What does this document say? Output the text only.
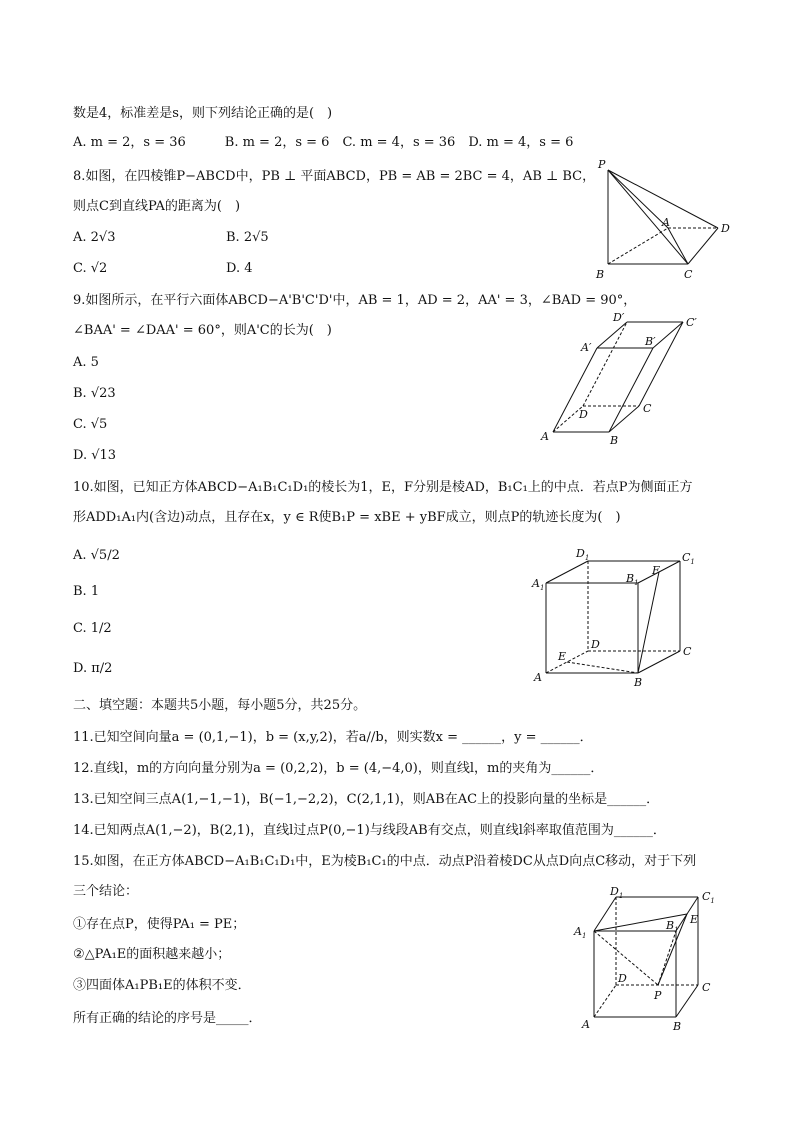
数是4，标准差是s，则下列结论正确的是(　)
A. m = 2，s = 36　　　B. m = 2，s = 6　C. m = 4，s = 36　D. m = 4，s = 6
8.如图，在四棱锥P−ABCD中，PB ⊥ 平面ABCD，PB = AB = 2BC = 4，AB ⊥ BC，
则点C到直线PA的距离为(　)
A. 2√3	B. 2√5
C. √2	D. 4
9.如图所示，在平行六面体ABCD−A'B'C'D'中，AB = 1，AD = 2，AA' = 3，∠BAD = 90°，
∠BAA' = ∠DAA' = 60°，则A'C的长为(　)
A. 5
B. √23
C. √5
D. √13
10.如图，已知正方体ABCD−A₁B₁C₁D₁的棱长为1，E，F分别是棱AD，B₁C₁上的中点．若点P为侧面正方
形ADD₁A₁内(含边)动点，且存在x，y ∈ R使B₁P = xBE + yBF成立，则点P的轨迹长度为(　)
A. √5/2
B. 1
C. 1/2
D. π/2
二、填空题：本题共5小题，每小题5分，共25分。
11.已知空间向量a = (0,1,−1)，b = (x,y,2)，若a//b，则实数x = ______，y = ______．
12.直线l，m的方向向量分别为a = (0,2,2)，b = (4,−4,0)，则直线l，m的夹角为______．
13.已知空间三点A(1,−1,−1)，B(−1,−2,2)，C(2,1,1)，则AB在AC上的投影向量的坐标是______．
14.已知两点A(1,−2)，B(2,1)，直线l过点P(0,−1)与线段AB有交点，则直线l斜率取值范围为______．
15.如图，在正方体ABCD−A₁B₁C₁D₁中，E为棱B₁C₁的中点．动点P沿着棱DC从点D向点C移动，对于下列
三个结论：
①存在点P，使得PA₁ = PE；
②△PA₁E的面积越来越小；
③四面体A₁PB₁E的体积不变．
所有正确的结论的序号是_____．
P
A	D
B	C
A	B
C
D
A′	B′
C′
D′
A	B
C
D
E
F
$A_1$
$B_1$
$C_1$
$D_1$
A	B
C
D
E
P
$A_1$
$B_1$
$C_1$
$D_1$
